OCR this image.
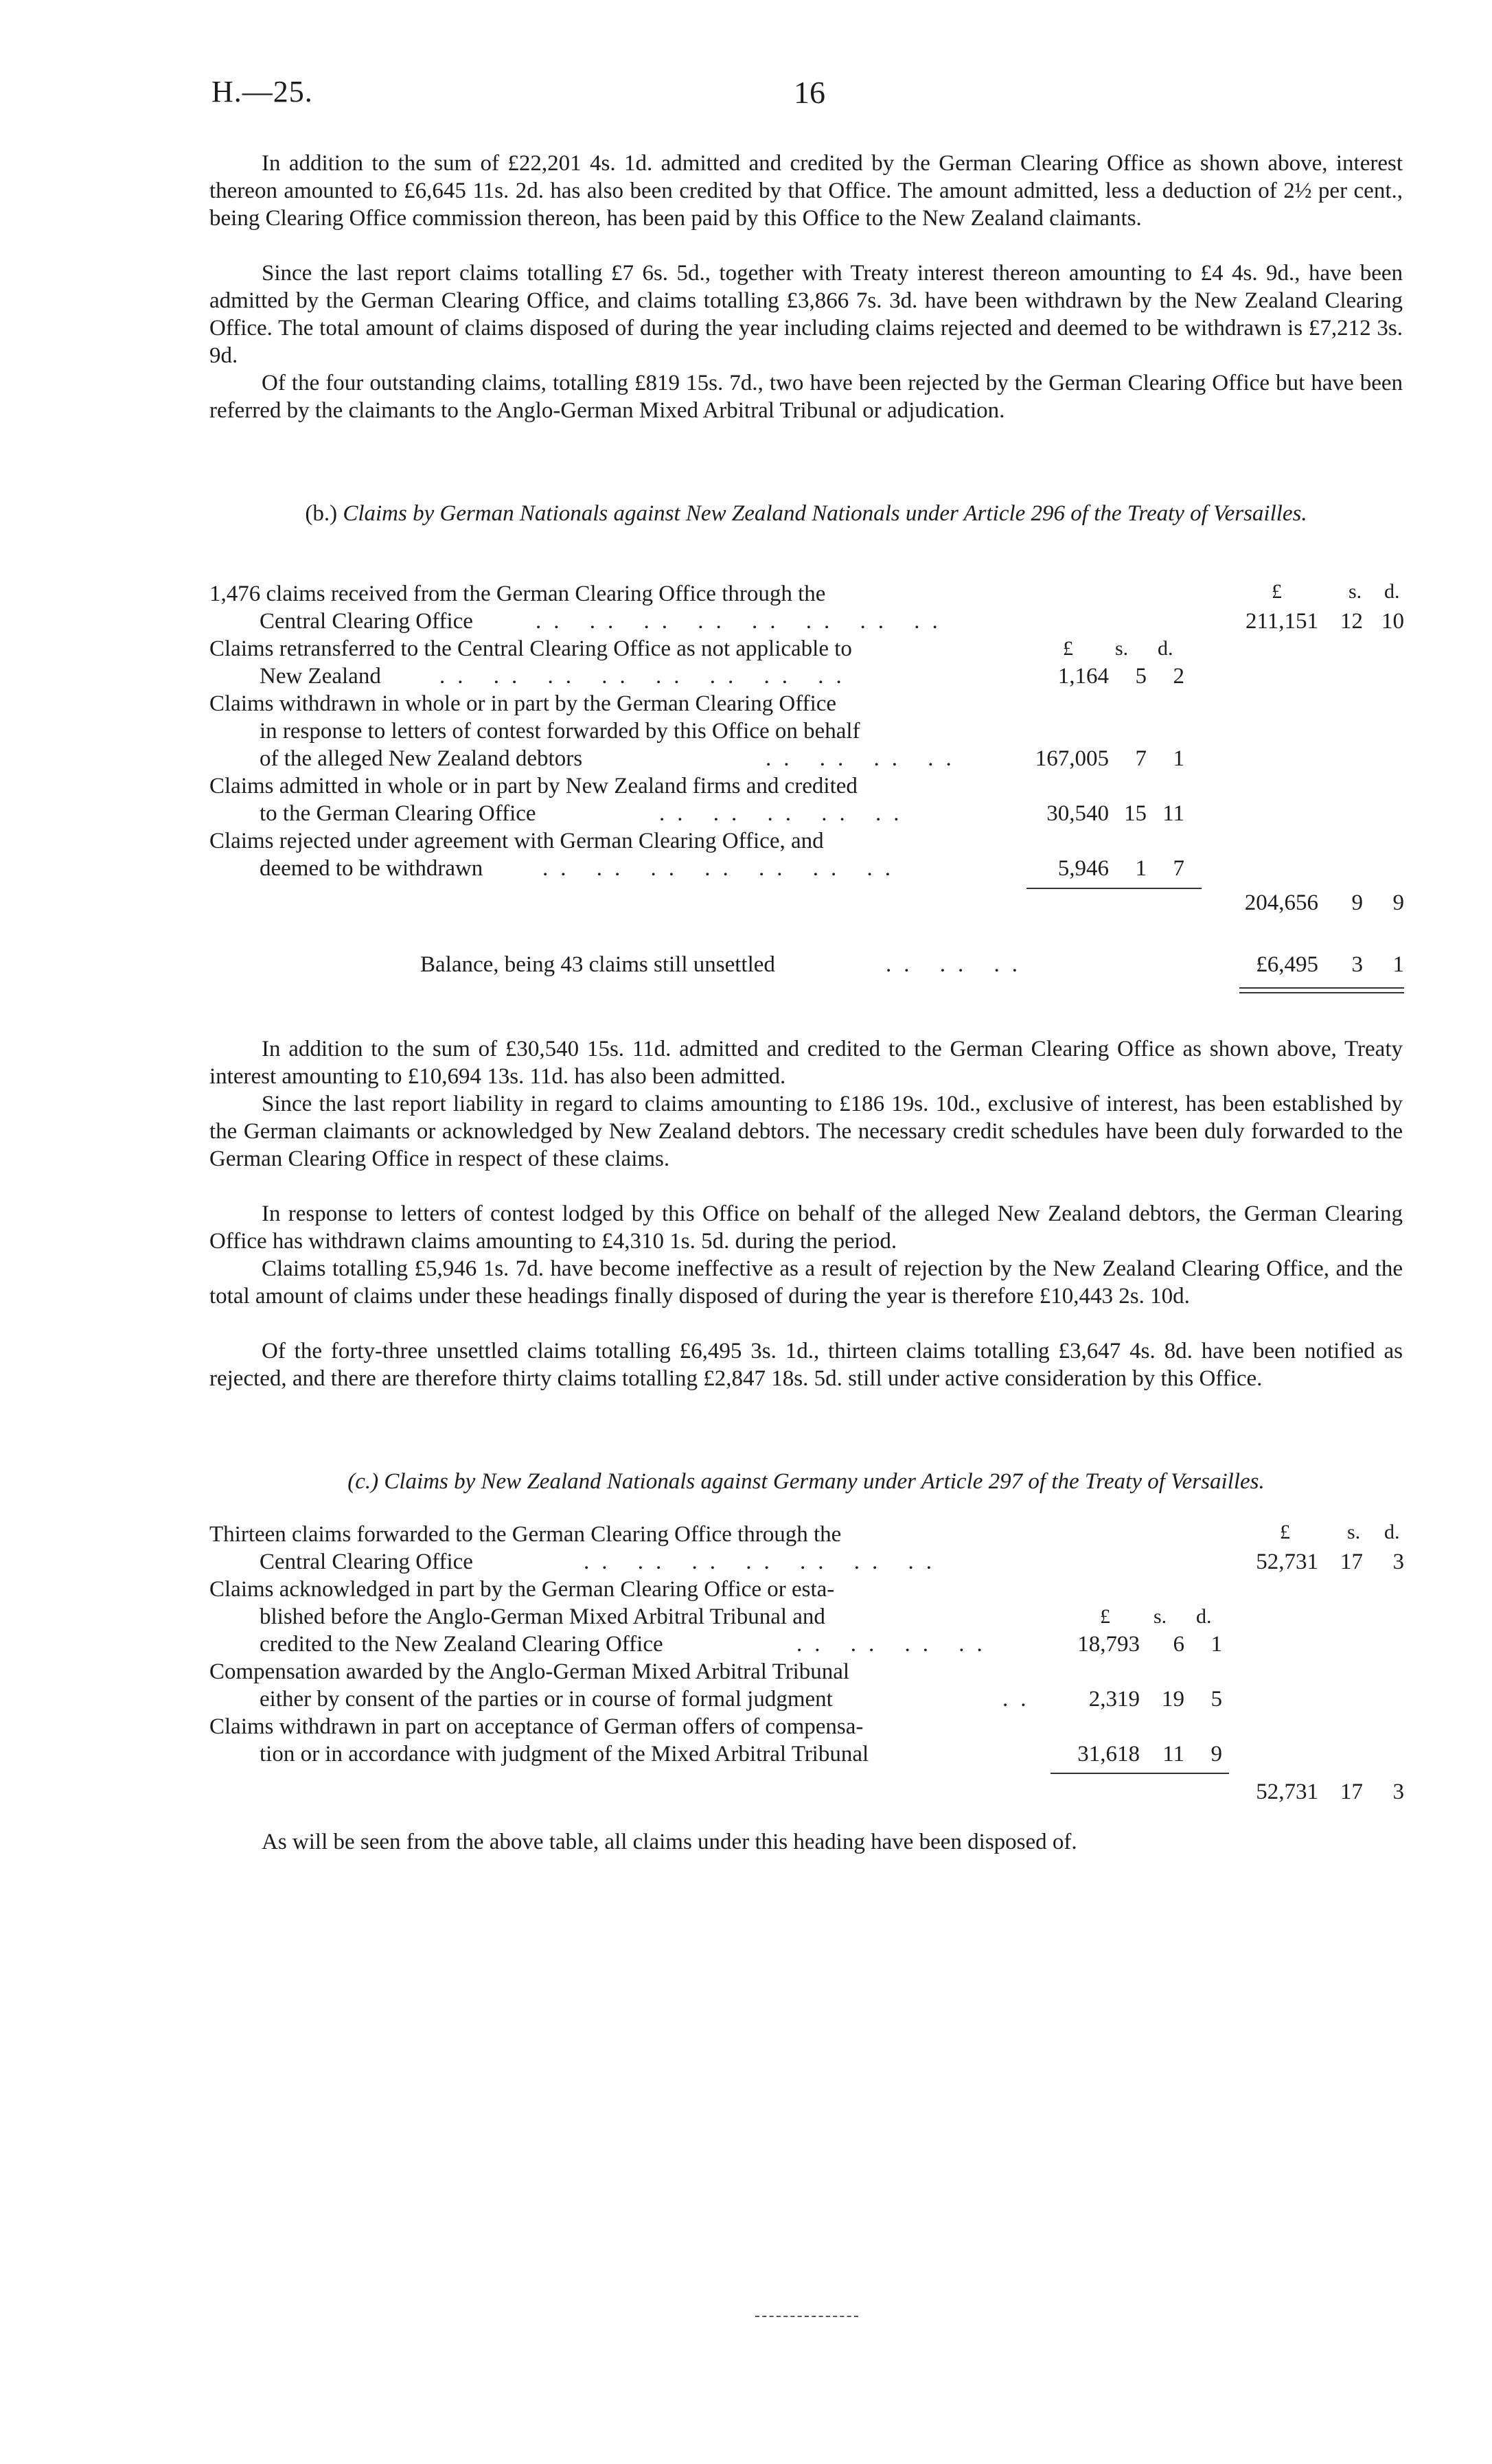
H.—25.	16

In addition to the sum of £22,201 4s. 1d. admitted and credited by the German Clearing Office as shown above, interest thereon amounted to £6,645 11s. 2d. has also been credited by that Office. The amount admitted, less a deduction of 2½ per cent., being Clearing Office commission thereon, has been paid by this Office to the New Zealand claimants.

Since the last report claims totalling £7 6s. 5d., together with Treaty interest thereon amounting to £4 4s. 9d., have been admitted by the German Clearing Office, and claims totalling £3,866 7s. 3d. have been withdrawn by the New Zealand Clearing Office. The total amount of claims disposed of during the year including claims rejected and deemed to be withdrawn is £7,212 3s. 9d.

Of the four outstanding claims, totalling £819 15s. 7d., two have been rejected by the German Clearing Office but have been referred by the claimants to the Anglo-German Mixed Arbitral Tribunal or adjudication.

(b.) Claims by German Nationals against New Zealand Nationals under Article 296 of the Treaty of Versailles.

£	s. d.
1,476 claims received from the German Clearing Office through the
Central Clearing Office	.. .. .. .. .. .. .. ..	211,151 12 10
£ s. d.
Claims retransferred to the Central Clearing Office as not applicable to
New Zealand	.. .. .. .. .. .. .. ..	1,164	5	2
Claims withdrawn in whole or in part by the German Clearing Office
in response to letters of contest forwarded by this Office on behalf
of the alleged New Zealand debtors	.. .. .. ..	167,005	7	1
Claims admitted in whole or in part by New Zealand firms and credited
to the German Clearing Office	.. .. .. .. ..	30,540 15 11
Claims rejected under agreement with German Clearing Office, and
deemed to be withdrawn	.. .. .. .. .. .. ..	5,946	1	7
204,656	9	9
Balance, being 43 claims still unsettled	.. .. ..	£6,495	3	1

In addition to the sum of £30,540 15s. 11d. admitted and credited to the German Clearing Office as shown above, Treaty interest amounting to £10,694 13s. 11d. has also been admitted.

Since the last report liability in regard to claims amounting to £186 19s. 10d., exclusive of interest, has been established by the German claimants or acknowledged by New Zealand debtors. The necessary credit schedules have been duly forwarded to the German Clearing Office in respect of these claims.

In response to letters of contest lodged by this Office on behalf of the alleged New Zealand debtors, the German Clearing Office has withdrawn claims amounting to £4,310 1s. 5d. during the period.

Claims totalling £5,946 1s. 7d. have become ineffective as a result of rejection by the New Zealand Clearing Office, and the total amount of claims under these headings finally disposed of during the year is therefore £10,443 2s. 10d.

Of the forty-three unsettled claims totalling £6,495 3s. 1d., thirteen claims totalling £3,647 4s. 8d. have been notified as rejected, and there are therefore thirty claims totalling £2,847 18s. 5d. still under active consideration by this Office.

(c.) Claims by New Zealand Nationals against Germany under Article 297 of the Treaty of Versailles.

£	s. d.
Thirteen claims forwarded to the German Clearing Office through the
Central Clearing Office	.. .. .. .. .. .. ..	52,731 17	3
Claims acknowledged in part by the German Clearing Office or esta-
£ s. d.
blished before the Anglo-German Mixed Arbitral Tribunal and
credited to the New Zealand Clearing Office	.. .. .. ..	18,793	6	1
Compensation awarded by the Anglo-German Mixed Arbitral Tribunal
either by consent of the parties or in course of formal judgment	..	2,319 19	5
Claims withdrawn in part on acceptance of German offers of compensa-
tion or in accordance with judgment of the Mixed Arbitral Tribunal	31,618	11	9
52,731 17	3

As will be seen from the above table, all claims under this heading have been disposed of.
